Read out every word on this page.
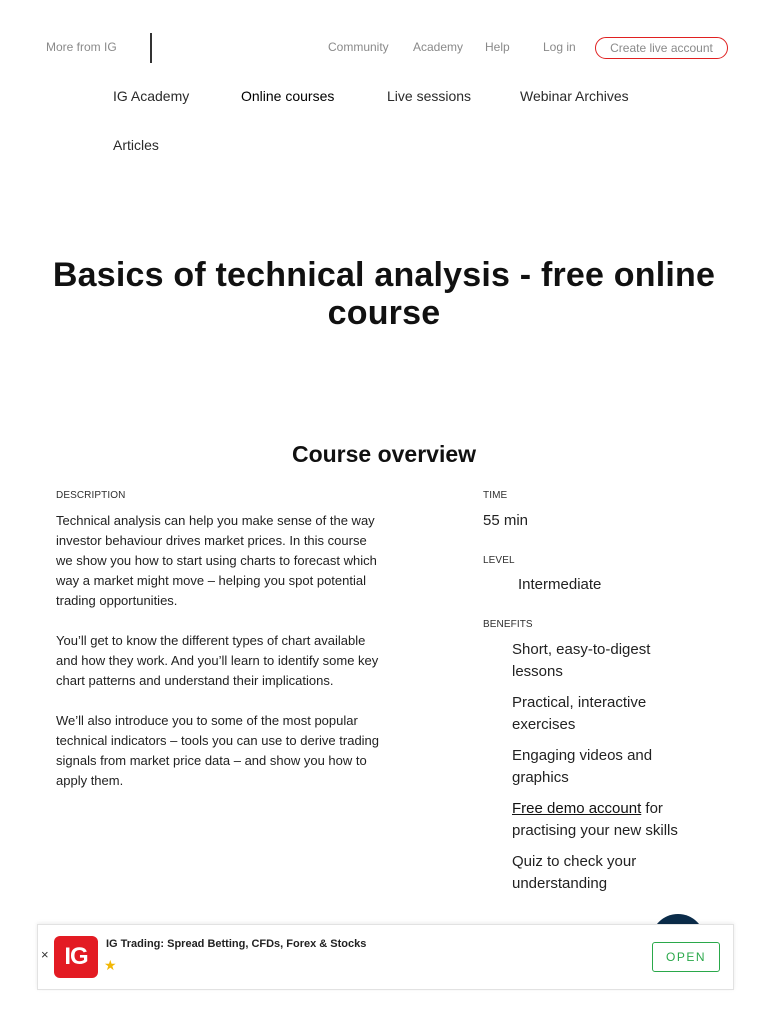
More from IG	Community Academy Help	Log in	Create live account
IG Academy	Online courses	Live sessions	Webinar Archives
Articles
Basics of technical analysis - free online course
Course overview
DESCRIPTION

Technical analysis can help you make sense of the way investor behaviour drives market prices. In this course we show you how to start using charts to forecast which way a market might move – helping you spot potential trading opportunities.

You’ll get to know the different types of chart available and how they work. And you’ll learn to identify some key chart patterns and understand their implications.

We’ll also introduce you to some of the most popular technical indicators – tools you can use to derive trading signals from market price data – and show you how to apply them.

TIME
55 min
LEVEL
Intermediate
BENEFITS
Short, easy-to-digest lessons
Practical, interactive exercises
Engaging videos and graphics
Free demo account for practising your new skills
Quiz to check your understanding
× IG	IG Trading: Spread Betting, CFDs, Forex & Stocks
★	OPEN
